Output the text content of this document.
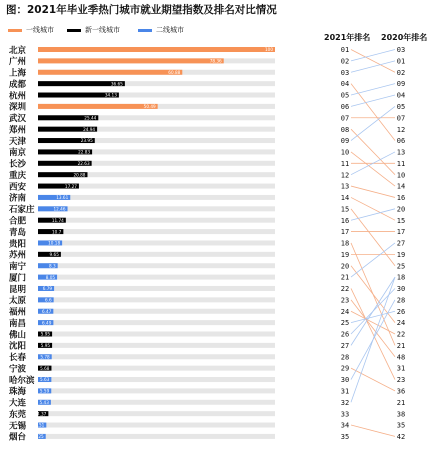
图：2021年毕业季热门城市就业期望指数及排名对比情况
一线城市	新一线城市	二线城市
2021年排名 2020年排名
北京	100	01	03
广州	78.36	02	01
上海	60.88	03	02
成都	36.65	04	09
杭州	34.13	05	04
深圳	50.49	06	05
武汉	25.44	07	07
郑州	24.94	08	12
天津	23.95	09	06
南京	22.83	10	13
长沙	22.63	11	11
重庆	20.88	12	10
西安	17.27	13	14
济南	13.61	14	16
石家庄	12.46	15	20
合肥	11.74	16	15
青岛	10.7	17	17
贵阳	10.18	18	27
苏州	9.65	19	19
南宁	8.3	20	25
厦门	8.05	21	18
昆明	6.79	22	30
太原	6.6	23	28
福州	6.47	24	26
南昌	6.49	25	24
佛山	5.95	26	22
沈阳	5.95	27	21
长春	5.78	28	48
宁波	5.68	29	31
哈尔滨 5.63	30	23
珠海	5.59	31	36
大连	5.43	32	21
东莞	4.37	33	38
无锡 3.51	34	35
烟台 3.25	35	42
